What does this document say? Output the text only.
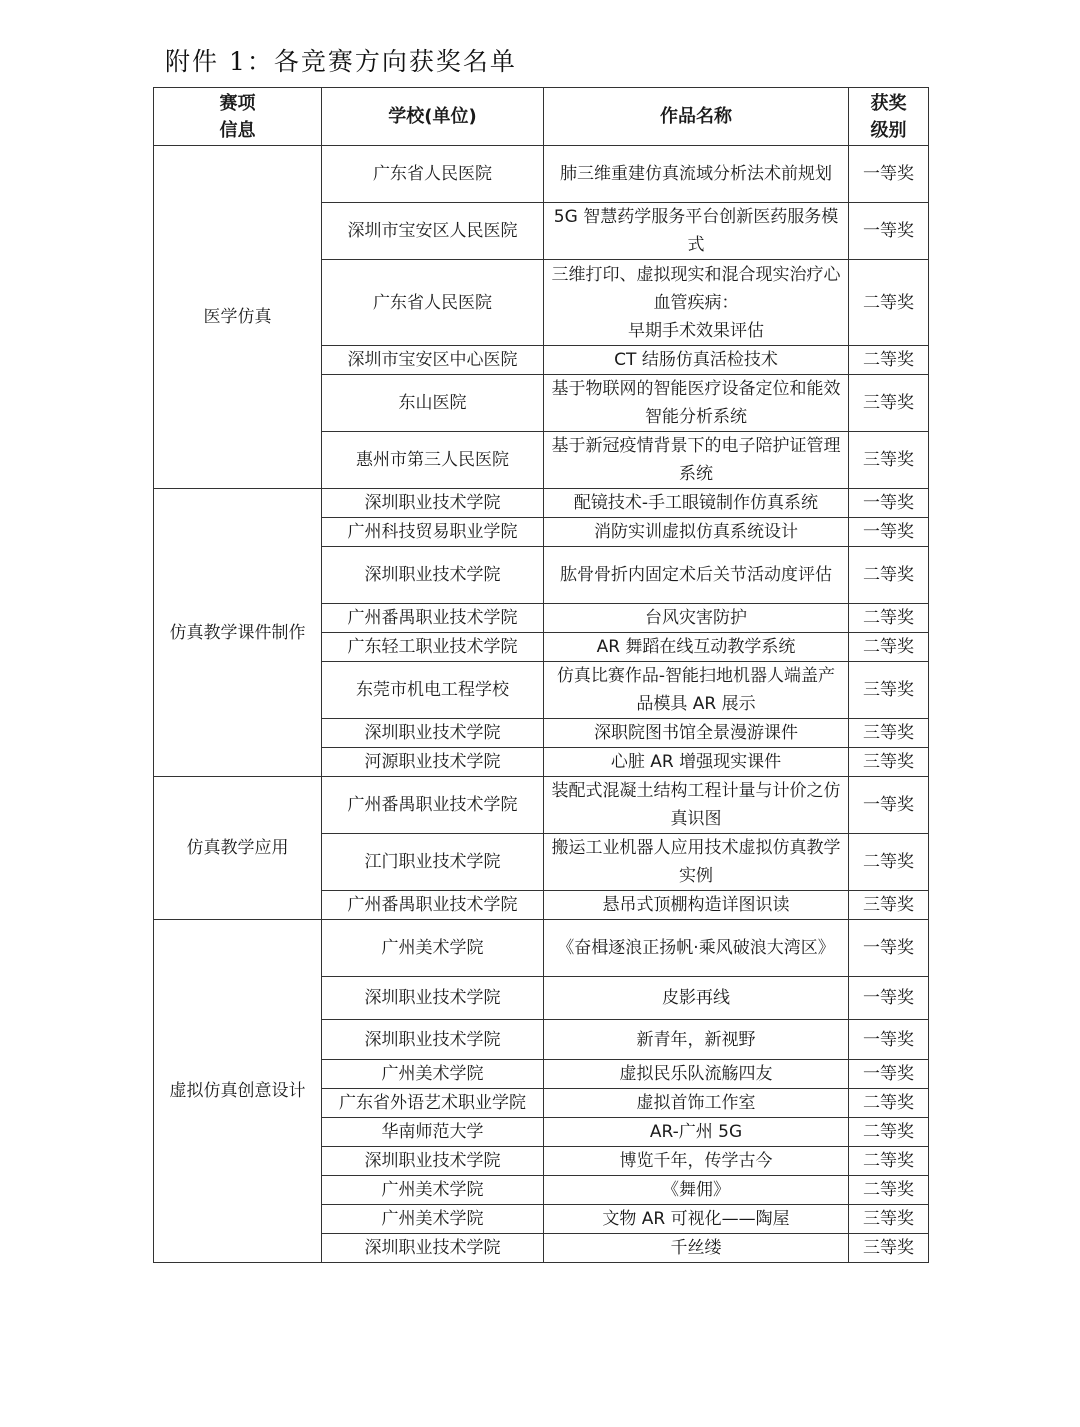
附件 1：各竞赛方向获奖名单
赛项
信息	学校(单位)	作品名称	获奖
级别
医学仿真	广东省人民医院	肺三维重建仿真流域分析法术前规划	一等奖
	深圳市宝安区人民医院	5G 智慧药学服务平台创新医药服务模式	一等奖
	广东省人民医院	三维打印、虚拟现实和混合现实治疗心血管疾病：
早期手术效果评估	二等奖
	深圳市宝安区中心医院	CT 结肠仿真活检技术	二等奖
	东山医院	基于物联网的智能医疗设备定位和能效智能分析系统	三等奖
	惠州市第三人民医院	基于新冠疫情背景下的电子陪护证管理系统	三等奖
仿真教学课件制作	深圳职业技术学院	配镜技术-手工眼镜制作仿真系统	一等奖
	广州科技贸易职业学院	消防实训虚拟仿真系统设计	一等奖
	深圳职业技术学院	肱骨骨折内固定术后关节活动度评估	二等奖
	广州番禺职业技术学院	台风灾害防护	二等奖
	广东轻工职业技术学院	AR 舞蹈在线互动教学系统	二等奖
	东莞市机电工程学校	仿真比赛作品-智能扫地机器人端盖产品模具 AR 展示	三等奖
	深圳职业技术学院	深职院图书馆全景漫游课件	三等奖
	河源职业技术学院	心脏 AR 增强现实课件	三等奖
仿真教学应用	广州番禺职业技术学院	装配式混凝土结构工程计量与计价之仿真识图	一等奖
	江门职业技术学院	搬运工业机器人应用技术虚拟仿真教学实例	二等奖
	广州番禺职业技术学院	悬吊式顶棚构造详图识读	三等奖
虚拟仿真创意设计	广州美术学院	《奋楫逐浪正扬帆·乘风破浪大湾区》	一等奖
	深圳职业技术学院	皮影再线	一等奖
	深圳职业技术学院	新青年，新视野	一等奖
	广州美术学院	虚拟民乐队流觞四友	一等奖
	广东省外语艺术职业学院	虚拟首饰工作室	二等奖
	华南师范大学	AR-广州 5G	二等奖
	深圳职业技术学院	博览千年，传学古今	二等奖
	广州美术学院	《舞佣》	二等奖
	广州美术学院	文物 AR 可视化——陶屋	三等奖
	深圳职业技术学院	千丝缕	三等奖
